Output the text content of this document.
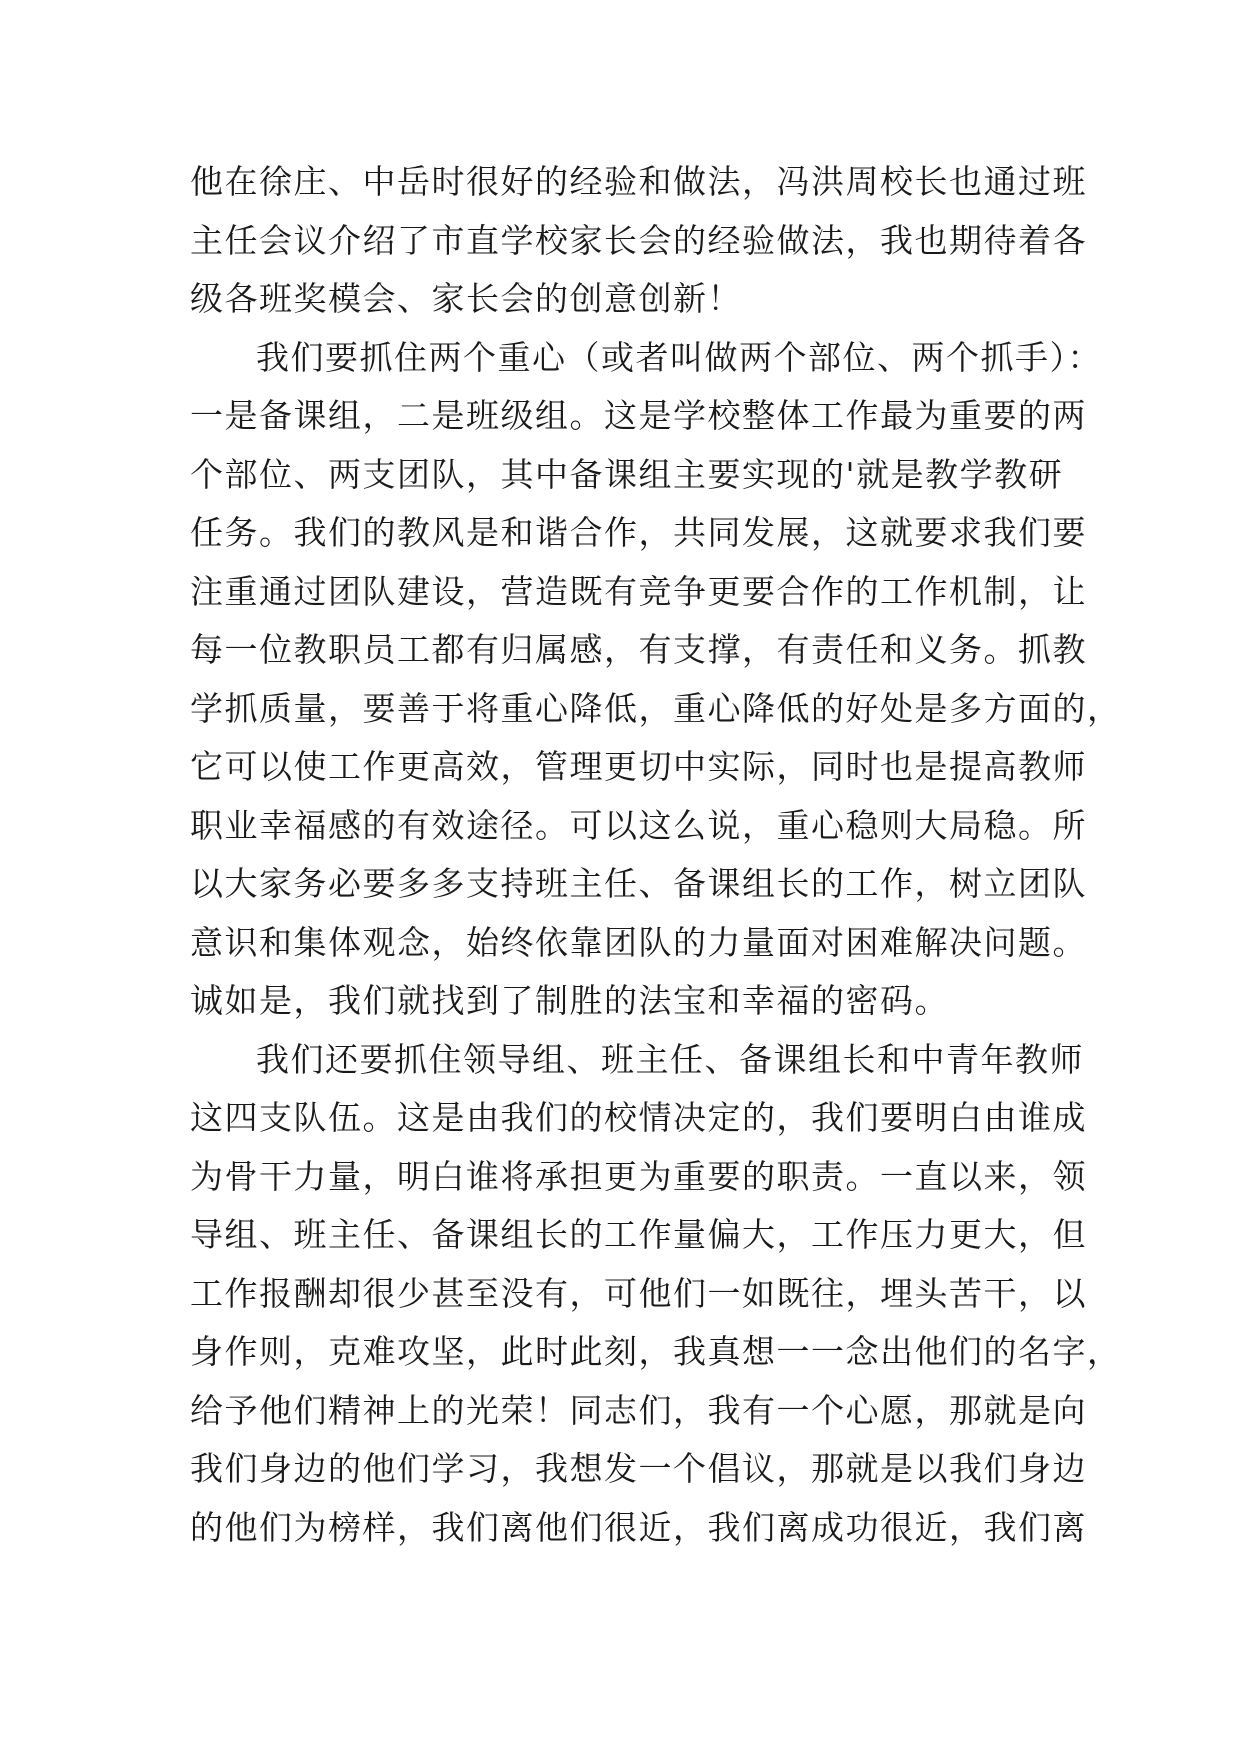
他在徐庄、中岳时很好的经验和做法，冯洪周校长也通过班
主任会议介绍了市直学校家长会的经验做法，我也期待着各
级各班奖模会、家长会的创意创新！
我们要抓住两个重心（或者叫做两个部位、两个抓手）：
一是备课组，二是班级组。这是学校整体工作最为重要的两
个部位、两支团队，其中备课组主要实现的'就是教学教研
任务。我们的教风是和谐合作，共同发展，这就要求我们要
注重通过团队建设，营造既有竞争更要合作的工作机制，让
每一位教职员工都有归属感，有支撑，有责任和义务。抓教
学抓质量，要善于将重心降低，重心降低的好处是多方面的，
它可以使工作更高效，管理更切中实际，同时也是提高教师
职业幸福感的有效途径。可以这么说，重心稳则大局稳。所
以大家务必要多多支持班主任、备课组长的工作，树立团队
意识和集体观念，始终依靠团队的力量面对困难解决问题。
诚如是，我们就找到了制胜的法宝和幸福的密码。
我们还要抓住领导组、班主任、备课组长和中青年教师
这四支队伍。这是由我们的校情决定的，我们要明白由谁成
为骨干力量，明白谁将承担更为重要的职责。一直以来，领
导组、班主任、备课组长的工作量偏大，工作压力更大，但
工作报酬却很少甚至没有，可他们一如既往，埋头苦干，以
身作则，克难攻坚，此时此刻，我真想一一念出他们的名字，
给予他们精神上的光荣！同志们，我有一个心愿，那就是向
我们身边的他们学习，我想发一个倡议，那就是以我们身边
的他们为榜样，我们离他们很近，我们离成功很近，我们离
